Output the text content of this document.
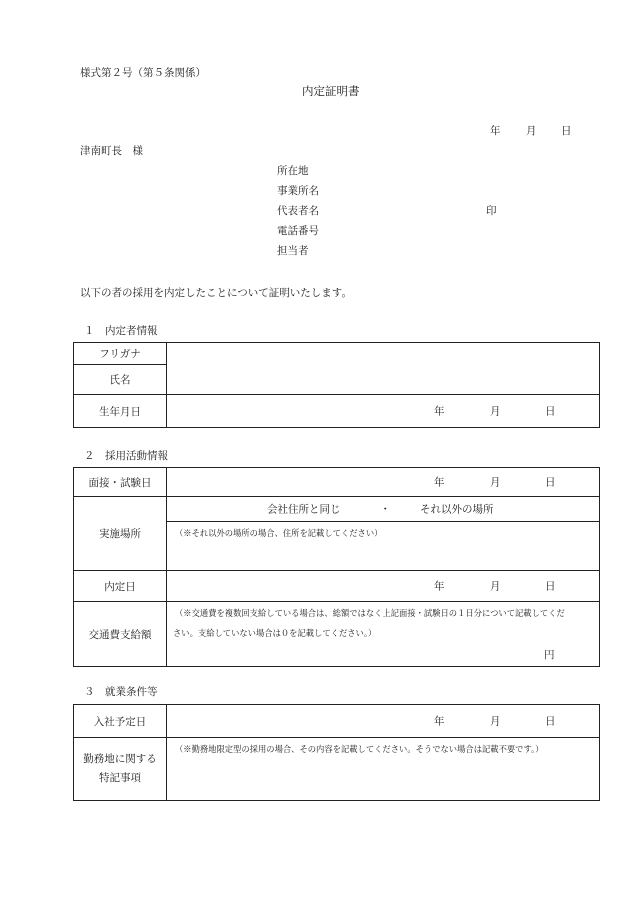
様式第２号（第５条関係）
内定証明書
年 月 日
津南町長　様
所在地
事業所名
代表者名	印
電話番号
担当者
以下の者の採用を内定したことについて証明いたします。
１　内定者情報
フリガナ	
氏名	
生年月日	年 月 日
２　採用活動情報
面接・試験日	年 月 日

実施場所	会社住所と同じ ・ それ以外の場所

	（※それ以外の場所の場合、住所を記載してください）

内定日	年 月 日

交通費支給額	（※交通費を複数回支給している場合は、総額ではなく上記面接・試験日の１日分について記載してくだ
さい。支給していない場合は０を記載してください。）
円
３　就業条件等
入社予定日	年 月 日

勤務地に関する
特記事項	（※勤務地限定型の採用の場合、その内容を記載してください。そうでない場合は記載不要です。）
